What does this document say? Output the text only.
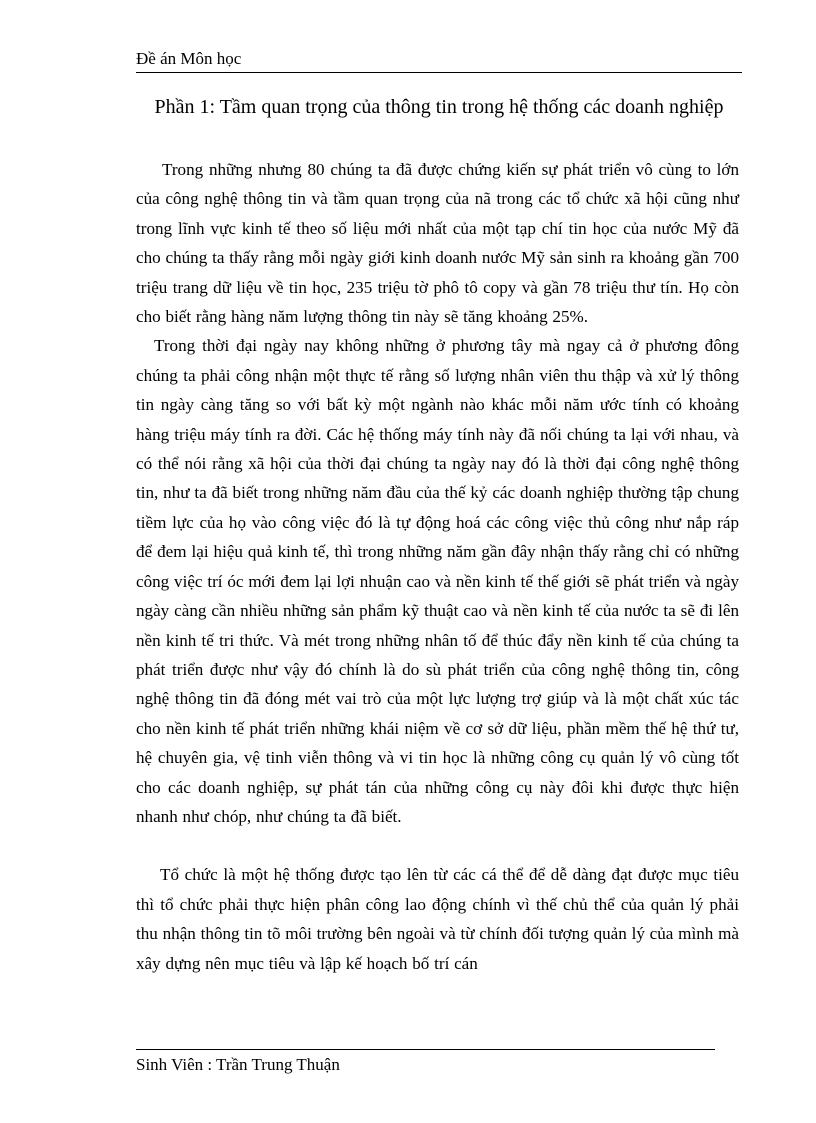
Đề án Môn học
Phần 1: Tầm quan trọng của thông tin trong hệ thống các doanh nghiệp

Trong những nhưng 80 chúng ta đã được chứng kiến sự phát triển vô cùng to lớn của công nghệ thông tin và tầm quan trọng của nã trong các tổ chức xã hội cũng như trong lĩnh vực kinh tế theo số liệu mới nhất của một tạp chí tin học của nước Mỹ đã cho chúng ta thấy rằng mỗi ngày giới kinh doanh nước Mỹ sản sinh ra khoảng gần 700 triệu trang dữ liệu về tin học, 235 triệu tờ phô tô copy và gần 78 triệu thư tín. Họ còn cho biết rằng hàng năm lượng thông tin này sẽ tăng khoảng 25%.

Trong thời đại ngày nay không những ở phương tây mà ngay cả ở phương đông chúng ta phải công nhận một thực tế rằng số lượng nhân viên thu thập và xử lý thông tin ngày càng tăng so với bất kỳ một ngành nào khác mỗi năm ước tính có khoảng hàng triệu máy tính ra đời. Các hệ thống máy tính này đã nối chúng ta lại với nhau, và có thể nói rằng xã hội của thời đại chúng ta ngày nay đó là thời đại công nghệ thông tin, như ta đã biết trong những năm đầu của thế kỷ các doanh nghiệp thường tập chung tiềm lực của họ vào công việc đó là tự động hoá các công việc thủ công như nắp ráp để đem lại hiệu quả kinh tế, thì trong những năm gần đây nhận thấy rằng chỉ có những công việc trí óc mới đem lại lợi nhuận cao và nền kinh tế thế giới sẽ phát triển và ngày ngày càng cần nhiều những sản phẩm kỹ thuật cao và nền kinh tế của nước ta sẽ đi lên nền kinh tế tri thức. Và mét trong những nhân tố để thúc đẩy nền kinh tế của chúng ta phát triển được như vậy đó chính là do sù phát triển của công nghệ thông tin, công nghệ thông tin đã đóng mét vai trò của một lực lượng trợ giúp và là một chất xúc tác cho nền kinh tế phát triển những khái niệm về cơ sở dữ liệu, phần mềm thế hệ thứ tư, hệ chuyên gia, vệ tinh viễn thông và vi tin học là những công cụ quản lý vô cùng tốt cho các doanh nghiệp, sự phát tán của những công cụ này đôi khi được thực hiện nhanh như chóp, như chúng ta đã biết.

Tổ chức là một hệ thống được tạo lên từ các cá thể để dễ dàng đạt được mục tiêu thì tổ chức phải thực hiện phân công lao động chính vì thế chủ thể của quản lý phải thu nhận thông tin tõ môi trường bên ngoài và từ chính đối tượng quản lý của mình mà xây dựng nên mục tiêu và lập kế hoạch bố trí cán

Sinh Viên : Trần Trung Thuận
